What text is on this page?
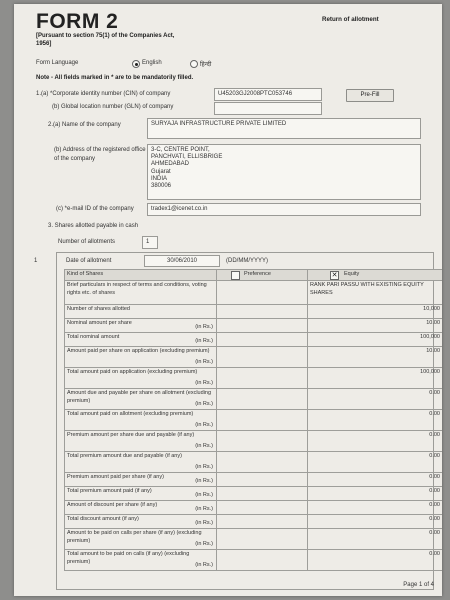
FORM 2
[Pursuant to section 75(1) of the Companies Act, 1956]
Return of allotment
Form Language	English	हिन्दी
Note - All fields marked in * are to be mandatorily filled.
1.(a) *Corporate identity number (CIN) of company	U45203GJ2008PTC053746	Pre-Fill
(b) Global location number (GLN) of company
2.(a) Name of the company	SURYAJA INFRASTRUCTURE PRIVATE LIMITED
(b) Address of the registered office of the company
3-C, CENTRE POINT,
PANCHVATI, ELLISBRIGE
AHMEDABAD
Gujarat
INDIA
380006
(c) *e-mail ID of the company	tradex1@icenet.co.in
3. Shares allotted payable in cash
Number of allotments	1
1	Date of allotment	30/06/2010	(DD/MM/YYYY)
Kind of Shares	Preference	✕ Equity

Brief particulars in respect of terms and conditions, voting rights etc. of shares		RANK PARI PASSU WITH EXISTING EQUITY SHARES
Number of shares allotted		10,000
Nominal amount per share
(in Rs.)		10.00
Total nominal amount
(in Rs.)		100,000
Amount paid per share on application (excluding premium)
(in Rs.)		10.00
Total amount paid on application (excluding premium)
(in Rs.)		100,000
Amount due and payable per share on allotment (excluding premium) (in Rs.)		0.00
Total amount paid on allotment (excluding premium)
(in Rs.)		0.00
Premium amount per share due and payable (if any)
(in Rs.)		0.00
Total premium amount due and payable (if any)
(in Rs.)		0.00
Premium amount paid per share (if any)
(in Rs.)		0.00
Total premium amount paid (if any)
(in Rs.)		0.00
Amount of discount per share (if any)
(in Rs.)		0.00
Total discount amount (if any)
(in Rs.)		0.00
Amount to be paid on calls per share (if any) (excluding premium) (in Rs.)		0.00
Total amount to be paid on calls (if any) (excluding premium) (in Rs.)		0.00
Page 1 of 4
